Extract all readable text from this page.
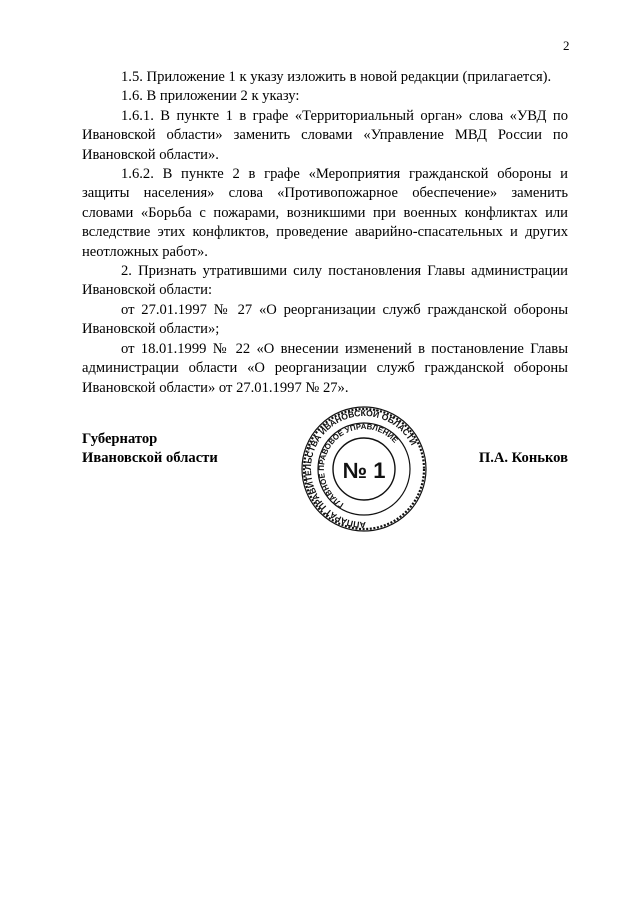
2

1.5. Приложение 1 к указу изложить в новой редакции (прилагается).

1.6. В приложении 2 к указу:

1.6.1. В пункте 1 в графе «Территориальный орган» слова «УВД по Ивановской области» заменить словами «Управление МВД России по Ивановской области».

1.6.2. В пункте 2 в графе «Мероприятия гражданской обороны и защиты населения» слова «Противопожарное обеспечение» заменить словами «Борьба с пожарами, возникшими при военных конфликтах или вследствие этих конфликтов, проведение аварийно-спасательных и других неотложных работ».

2. Признать утратившими силу постановления Главы администрации Ивановской области:

от 27.01.1997 № 27 «О реорганизации служб гражданской обороны Ивановской области»;

от 18.01.1999 № 22 «О внесении изменений в постановление Главы администрации области «О реорганизации служб гражданской обороны Ивановской области» от 27.01.1997 № 27».

Губернатор
Ивановской области	П.А. Коньков
АППАРАТ ПРАВИТЕЛЬСТВА ИВАНОВСКОЙ ОБЛАСТИ
ГЛАВНОЕ ПРАВОВОЕ УПРАВЛЕНИЕ
№ 1
